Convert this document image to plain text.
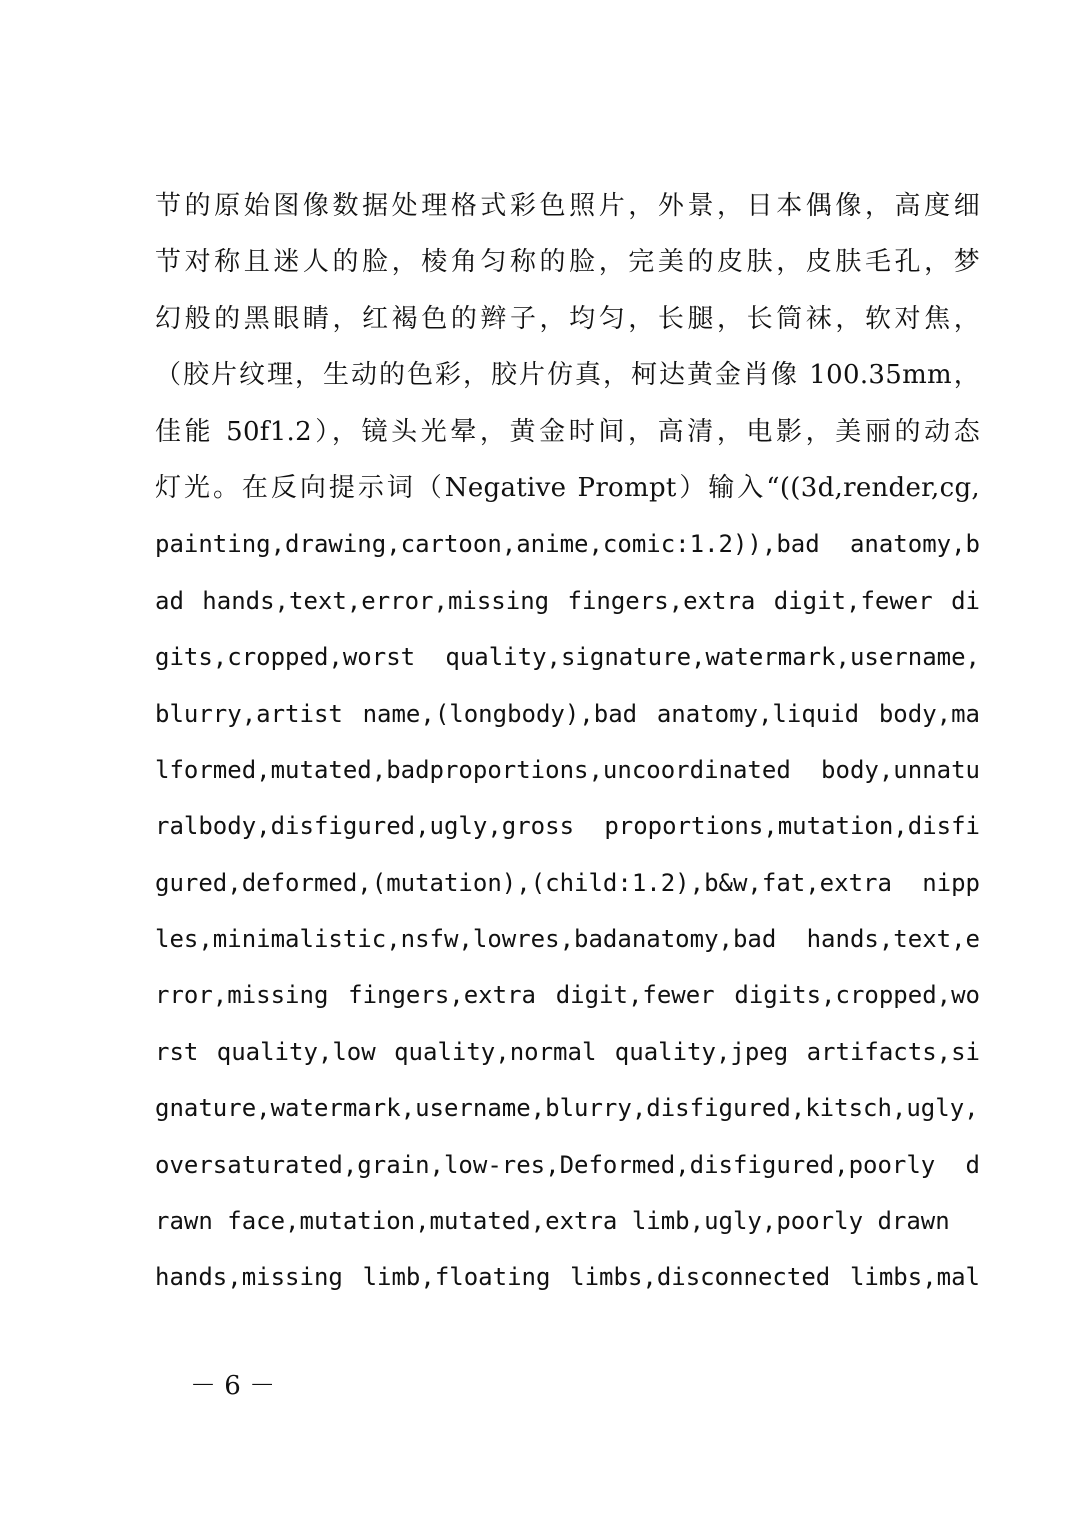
节的原始图像数据处理格式彩色照片，外景，日本偶像，高度细
节对称且迷人的脸，棱角匀称的脸，完美的皮肤，皮肤毛孔，梦
幻般的黑眼睛，红褐色的辫子，均匀，长腿，长筒袜，软对焦，
（胶片纹理，生动的色彩，胶片仿真，柯达黄金肖像 100.35mm，
佳能 50f1.2），镜头光晕，黄金时间，高清，电影，美丽的动态
灯光。在反向提示词（Negative Prompt）输入“((3d,render,cg,
painting,drawing,cartoon,anime,comic:1.2)),bad anatomy,b
ad hands,text,error,missing fingers,extra digit,fewer di
gits,cropped,worst quality,signature,watermark,username,
blurry,artist name,(longbody),bad anatomy,liquid body,ma
lformed,mutated,badproportions,uncoordinated body,unnatu
ralbody,disfigured,ugly,gross proportions,mutation,disfi
gured,deformed,(mutation),(child:1.2),b&w,fat,extra nipp
les,minimalistic,nsfw,lowres,badanatomy,bad hands,text,e
rror,missing fingers,extra digit,fewer digits,cropped,wo
rst quality,low quality,normal quality,jpeg artifacts,si
gnature,watermark,username,blurry,disfigured,kitsch,ugly,
oversaturated,grain,low-res,Deformed,disfigured,poorly d
rawn face,mutation,mutated,extra limb,ugly,poorly drawn
hands,missing limb,floating limbs,disconnected limbs,mal
－ 6 －
